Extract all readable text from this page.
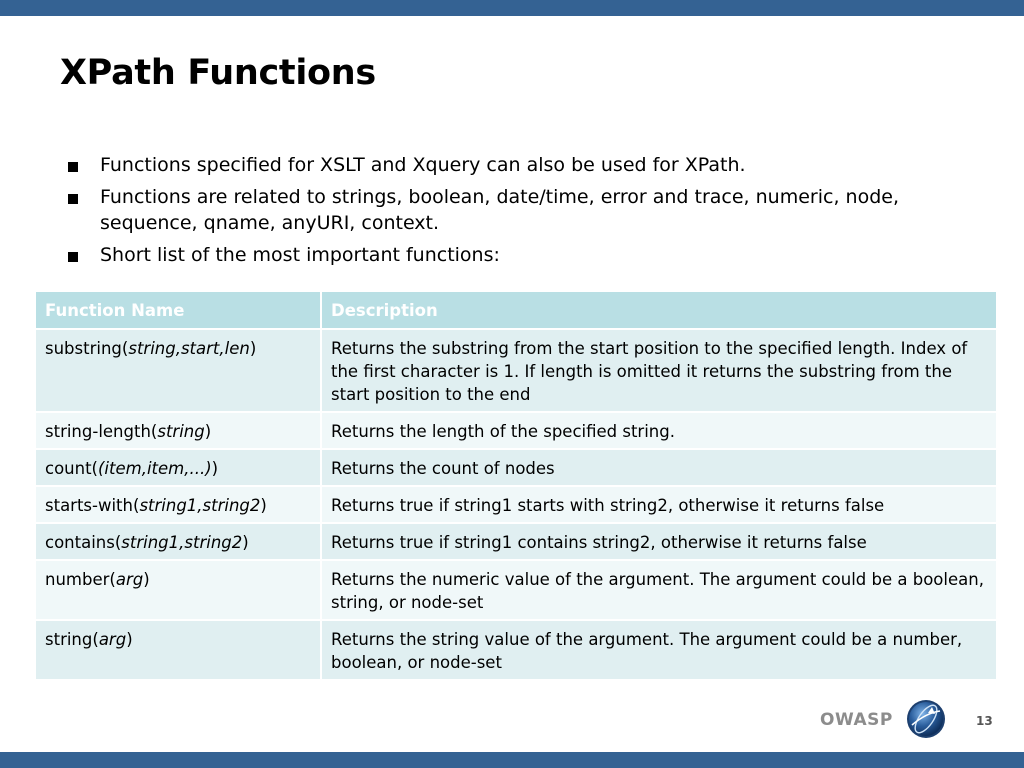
XPath Functions
Functions specified for XSLT and Xquery can also be used for XPath.
Functions are related to strings, boolean, date/time, error and trace, numeric, node, sequence, qname, anyURI, context.
Short list of the most important functions:
Function Name	Description
substring(string,start,len)	Returns the substring from the start position to the specified length. Index of the first character is 1. If length is omitted it returns the substring from the start position to the end
string-length(string)	Returns the length of the specified string.
count((item,item,...))	Returns the count of nodes
starts-with(string1,string2)	Returns true if string1 starts with string2, otherwise it returns false
contains(string1,string2)	Returns true if string1 contains string2, otherwise it returns false
number(arg)	Returns the numeric value of the argument. The argument could be a boolean, string, or node-set
string(arg)	Returns the string value of the argument. The argument could be a number, boolean, or node-set
OWASP	13
